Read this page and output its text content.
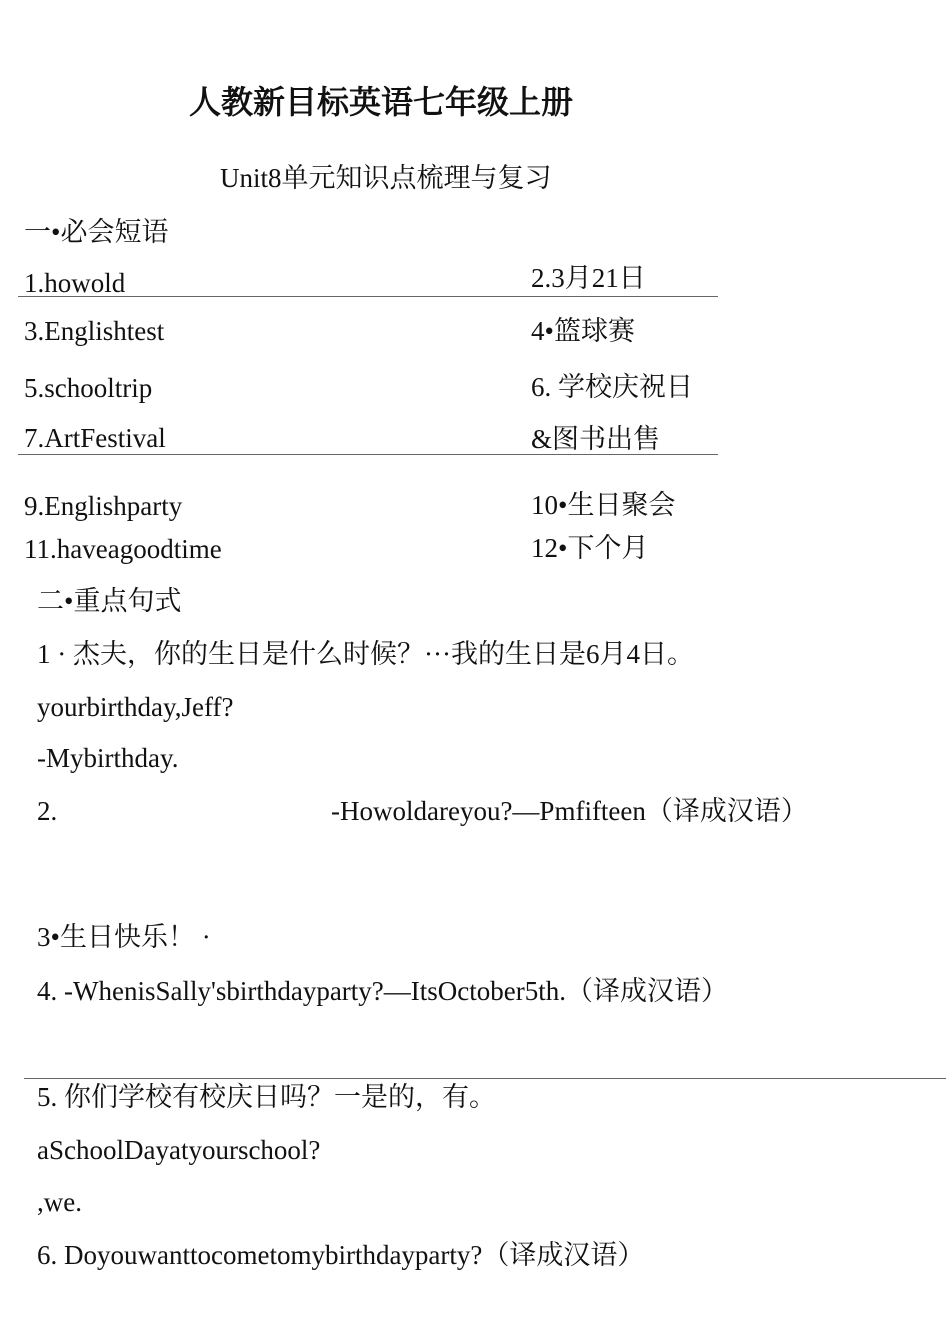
人教新目标英语七年级上册
Unit8单元知识点梳理与复习
一•必会短语
1.howold	2.3月21日
3.Englishtest	4•篮球赛
5.schooltrip	6. 学校庆祝日
7.ArtFestival	&图书出售
9.Englishparty	10•生日聚会
11.haveagoodtime	12•下个月
二•重点句式
1 · 杰夫，你的生日是什么时候？···我的生日是6月4日。
yourbirthday,Jeff?
-Mybirthday.
2.	-Howoldareyou?—Pmfifteen（译成汉语）
3•生日快乐！ ·
4. -WhenisSally'sbirthdayparty?—ItsOctober5th.（译成汉语）
5. 你们学校有校庆日吗？一是的，有。
aSchoolDayatyourschool?
,we.
6. Doyouwanttocometomybirthdayparty?（译成汉语）
